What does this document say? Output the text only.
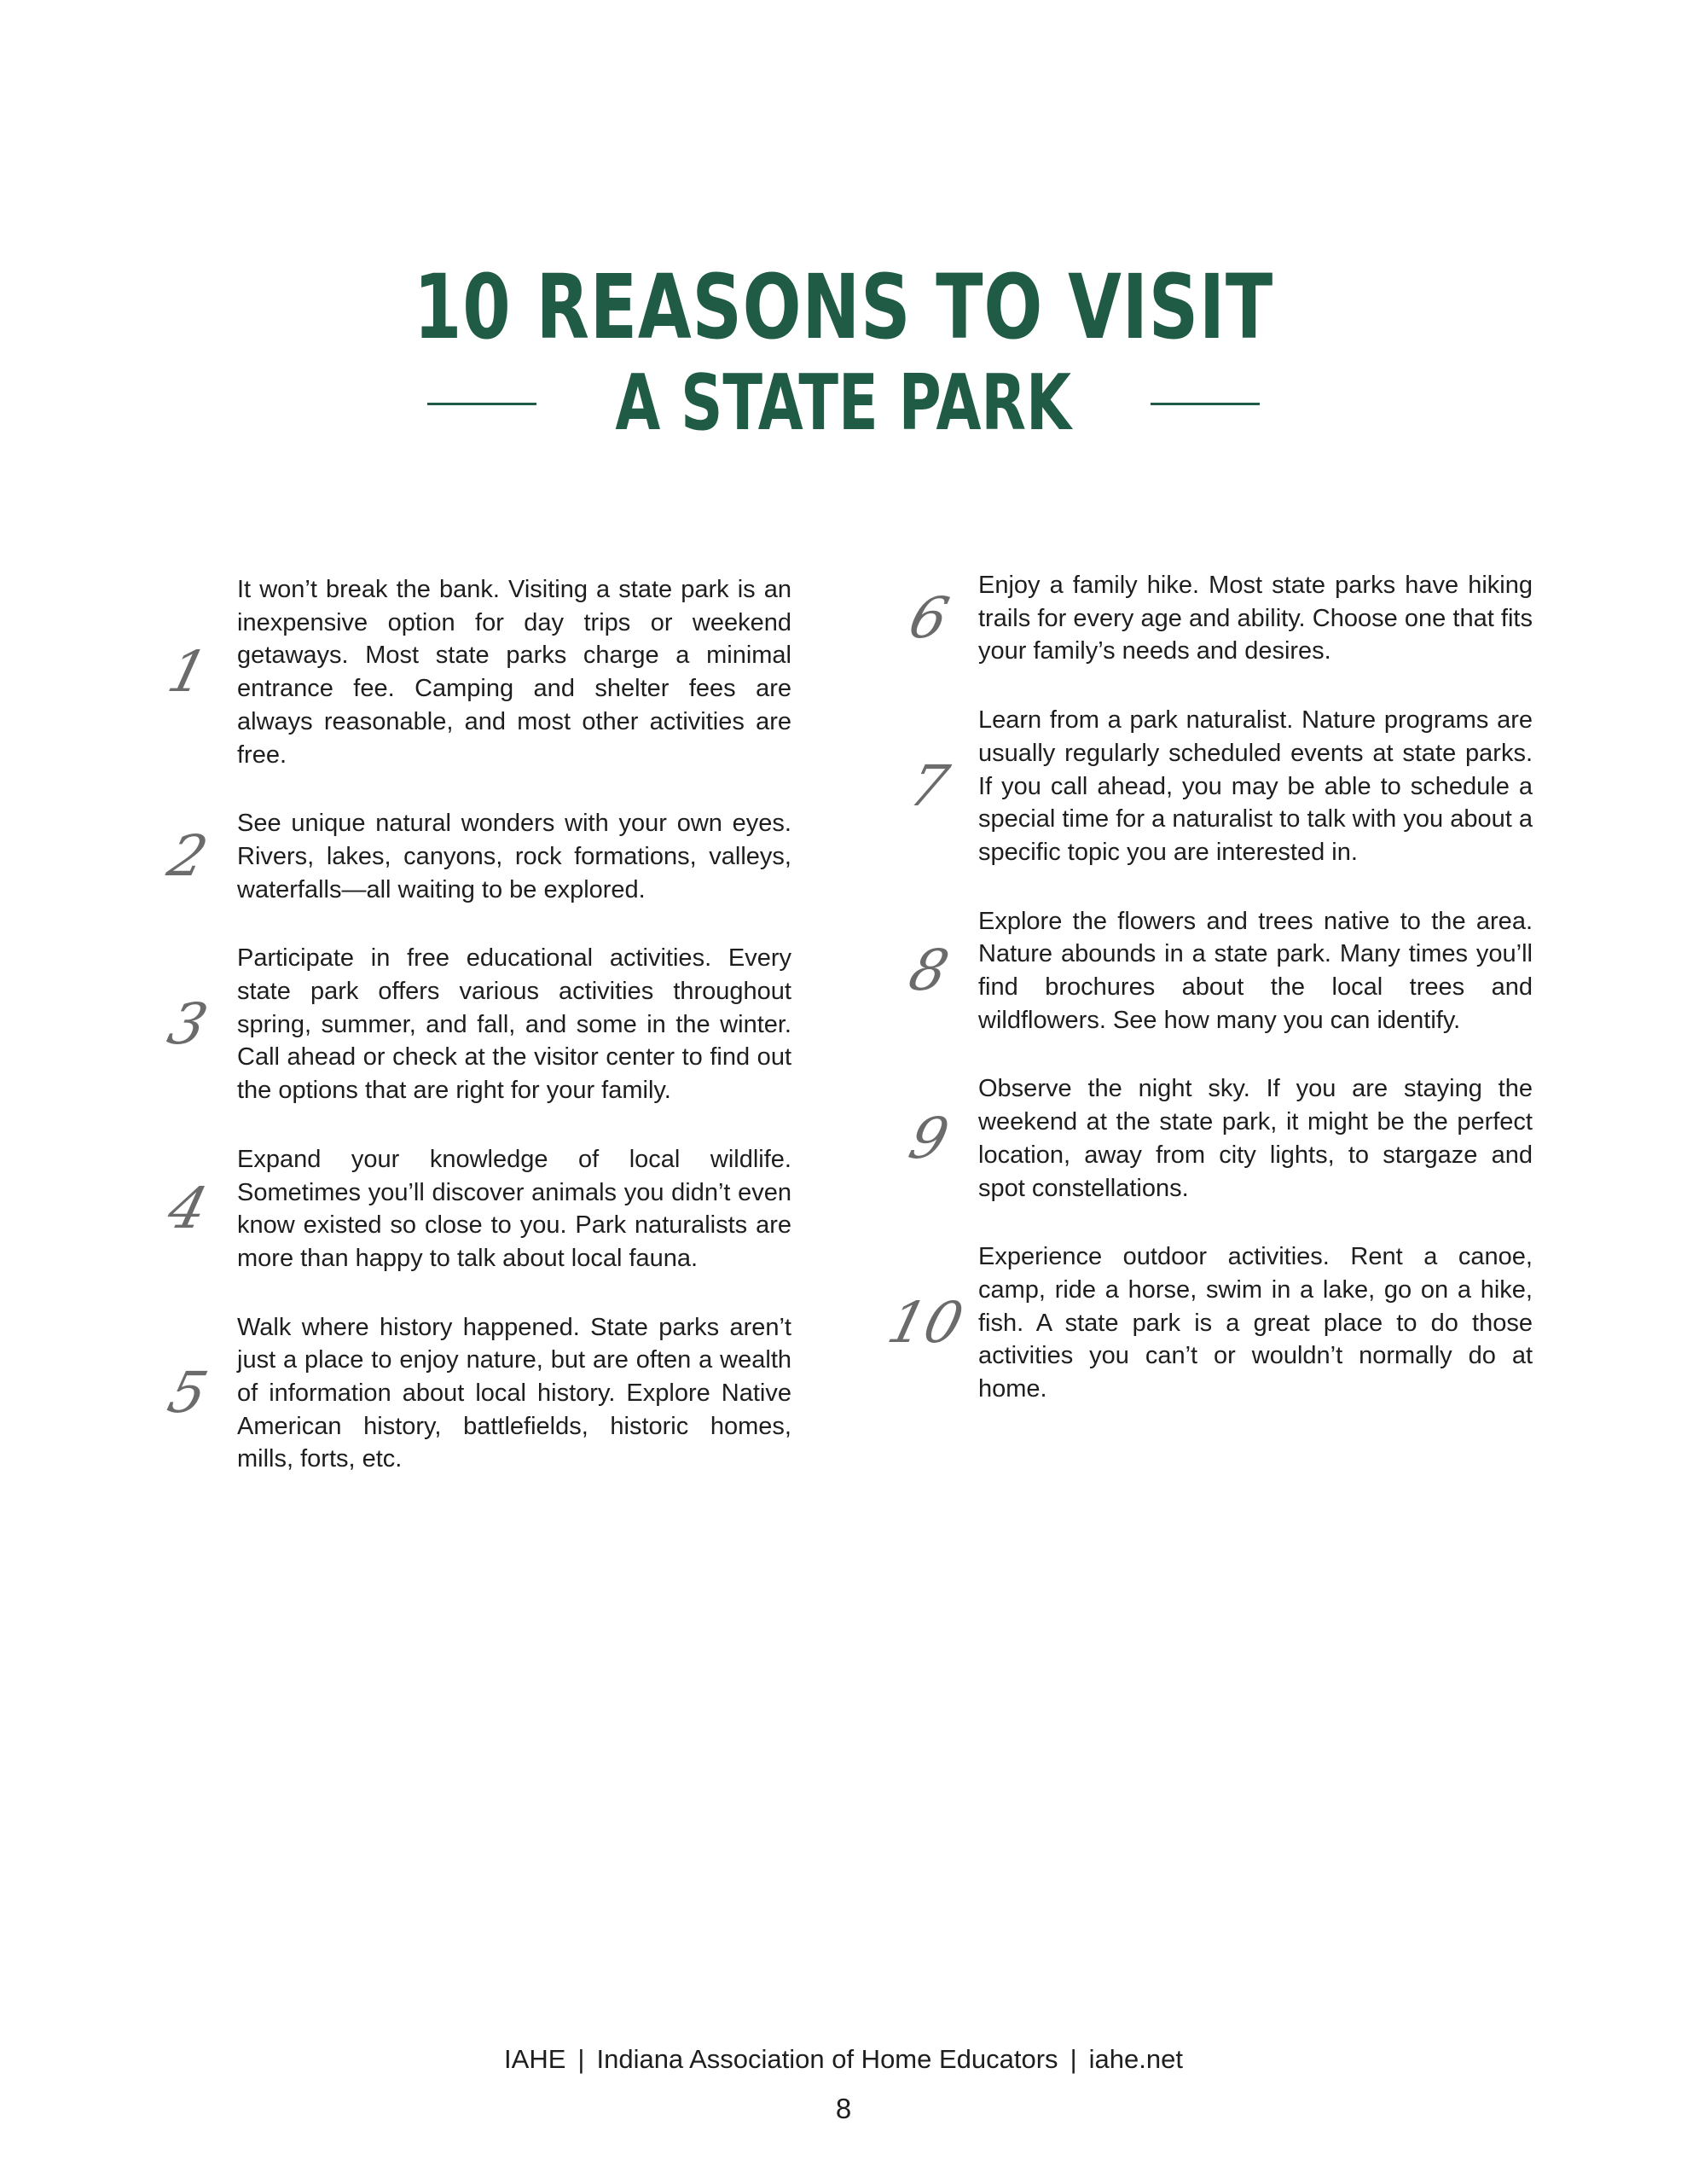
10 REASONS TO VISIT
A STATE PARK
1
It won’t break the bank. Visiting a state park is an inexpensive option for day trips or weekend getaways. Most state parks charge a minimal entrance fee. Camping and shelter fees are always reasonable, and most other activities are free.
2
See unique natural wonders with your own eyes. Rivers, lakes, canyons, rock formations, valleys, waterfalls—all waiting to be explored.
3
Participate in free educational activities. Every state park offers various activities throughout spring, summer, and fall, and some in the winter. Call ahead or check at the visitor center to find out the options that are right for your family.
4
Expand your knowledge of local wildlife. Sometimes you’ll discover animals you didn’t even know existed so close to you. Park naturalists are more than happy to talk about local fauna.
5
Walk where history happened. State parks aren’t just a place to enjoy nature, but are often a wealth of information about local history. Explore Native American history, battlefields, historic homes, mills, forts, etc.
6
Enjoy a family hike. Most state parks have hiking trails for every age and ability. Choose one that fits your family’s needs and desires.
7
Learn from a park naturalist. Nature programs are usually regularly scheduled events at state parks. If you call ahead, you may be able to schedule a special time for a naturalist to talk with you about a specific topic you are interested in.
8
Explore the flowers and trees native to the area. Nature abounds in a state park. Many times you’ll find brochures about the local trees and wildflowers. See how many you can identify.
9
Observe the night sky. If you are staying the weekend at the state park, it might be the perfect location, away from city lights, to stargaze and spot constellations.
10
Experience outdoor activities. Rent a canoe, camp, ride a horse, swim in a lake, go on a hike, fish. A state park is a great place to do those activities you can’t or wouldn’t normally do at home.
IAHE | Indiana Association of Home Educators | iahe.net
8
